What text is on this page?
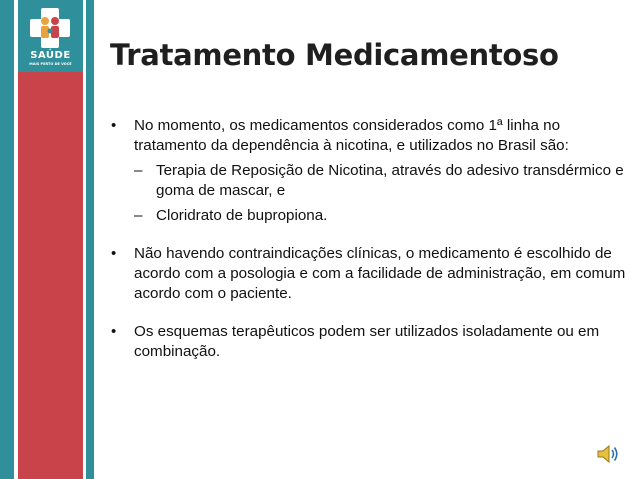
SAÚDE
MAIS PERTO DE VOCÊ	Tratamento Medicamentoso
• No momento, os medicamentos considerados como 1ª linha no tratamento da dependência à nicotina, e utilizados no Brasil são:
– Terapia de Reposição de Nicotina, através do adesivo transdérmico e goma de mascar, e
– Cloridrato de bupropiona.
• Não havendo contraindicações clínicas, o medicamento é escolhido de acordo com a posologia e com a facilidade de administração, em comum acordo com o paciente.
• Os esquemas terapêuticos podem ser utilizados isoladamente ou em combinação.
